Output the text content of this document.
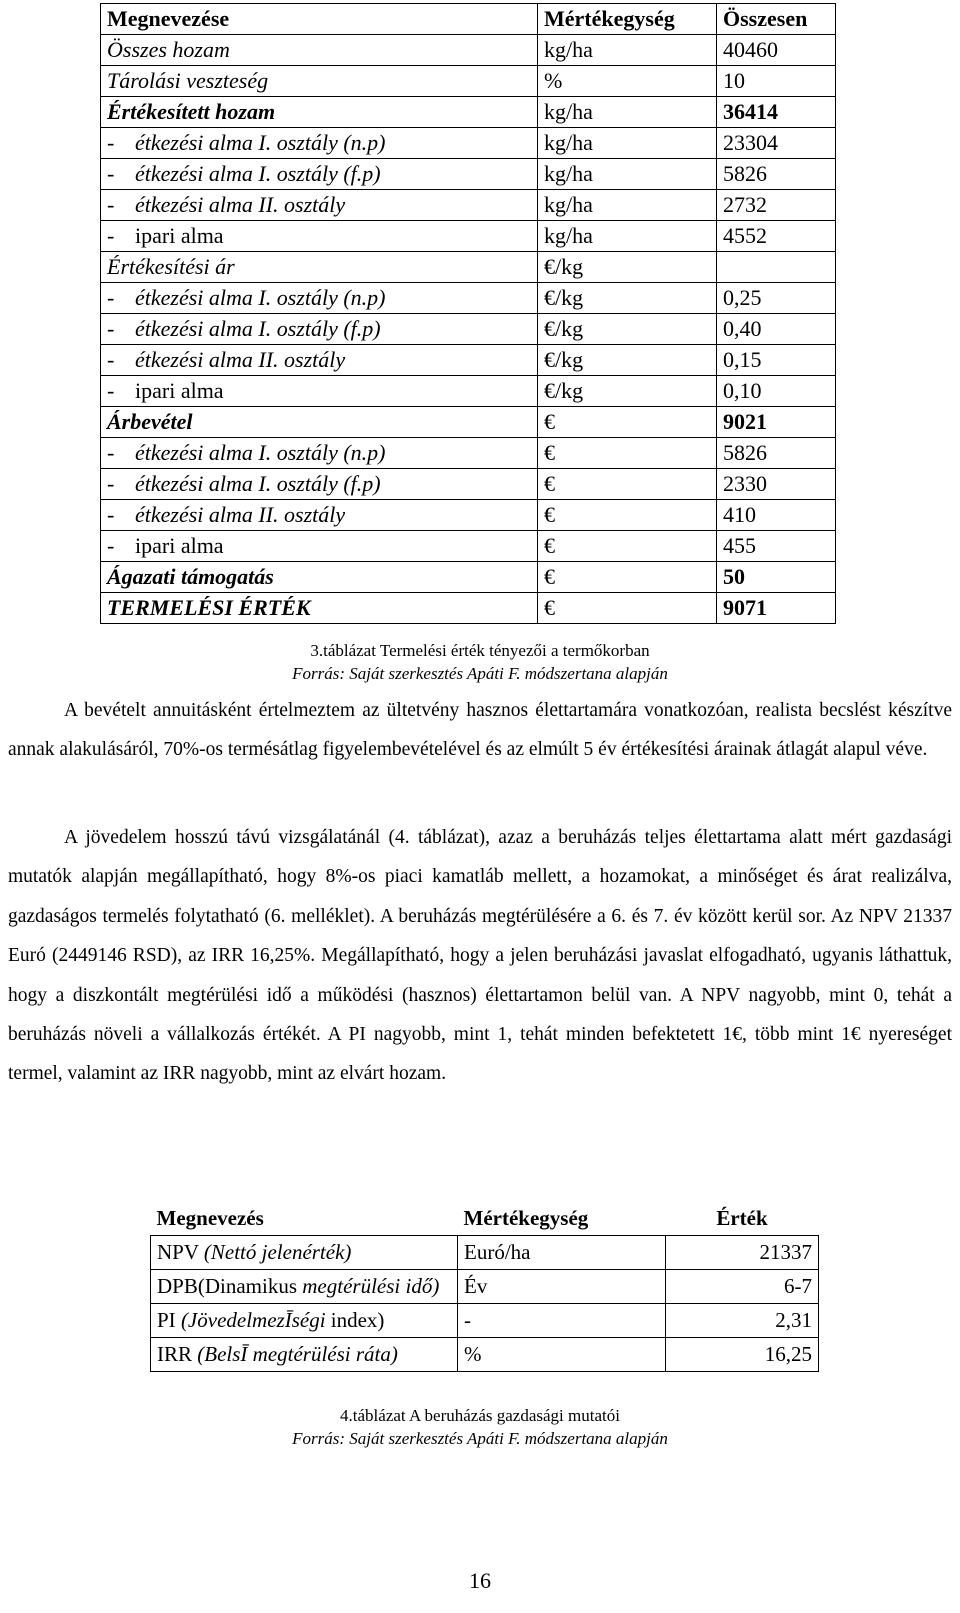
Megnevezése	Mértékegység	Összesen
Összes hozam	kg/ha	40460
Tárolási veszteség	%	10
Értékesített hozam	kg/ha	36414
- étkezési alma I. osztály (n.p)	kg/ha	23304
- étkezési alma I. osztály (f.p)	kg/ha	5826
- étkezési alma II. osztály	kg/ha	2732
- ipari alma	kg/ha	4552
Értékesítési ár	€/kg	
- étkezési alma I. osztály (n.p)	€/kg	0,25
- étkezési alma I. osztály (f.p)	€/kg	0,40
- étkezési alma II. osztály	€/kg	0,15
- ipari alma	€/kg	0,10
Árbevétel	€	9021
- étkezési alma I. osztály (n.p)	€	5826
- étkezési alma I. osztály (f.p)	€	2330
- étkezési alma II. osztály	€	410
- ipari alma	€	455
Ágazati támogatás	€	50
TERMELÉSI ÉRTÉK	€	9071
3.táblázat Termelési érték tényezői a termőkorban
Forrás: Saját szerkesztés Apáti F. módszertana alapján

A bevételt annuitásként értelmeztem az ültetvény hasznos élettartamára vonatkozóan, realista becslést készítve annak alakulásáról, 70%-os termésátlag figyelembevételével és az elmúlt 5 év értékesítési árainak átlagát alapul véve.

A jövedelem hosszú távú vizsgálatánál (4. táblázat), azaz a beruházás teljes élettartama alatt mért gazdasági mutatók alapján megállapítható, hogy 8%-os piaci kamatláb mellett, a hozamokat, a minőséget és árat realizálva, gazdaságos termelés folytatható (6. melléklet). A beruházás megtérülésére a 6. és 7. év között kerül sor. Az NPV 21337 Euró (2449146 RSD), az IRR 16,25%. Megállapítható, hogy a jelen beruházási javaslat elfogadható, ugyanis láthattuk, hogy a diszkontált megtérülési idő a működési (hasznos) élettartamon belül van. A NPV nagyobb, mint 0, tehát a beruházás növeli a vállalkozás értékét. A PI nagyobb, mint 1, tehát minden befektetett 1€, több mint 1€ nyereséget termel, valamint az IRR nagyobb, mint az elvárt hozam.

Megnevezés	Mértékegység	Érték
NPV (Nettó jelenérték)	Euró/ha	21337
DPB(Dinamikus megtérülési idő)	Év	6-7
PI (JövedelmezĪségi index)	-	2,31
IRR (BelsĪ megtérülési ráta)	%	16,25
4.táblázat A beruházás gazdasági mutatói
Forrás: Saját szerkesztés Apáti F. módszertana alapján
16
